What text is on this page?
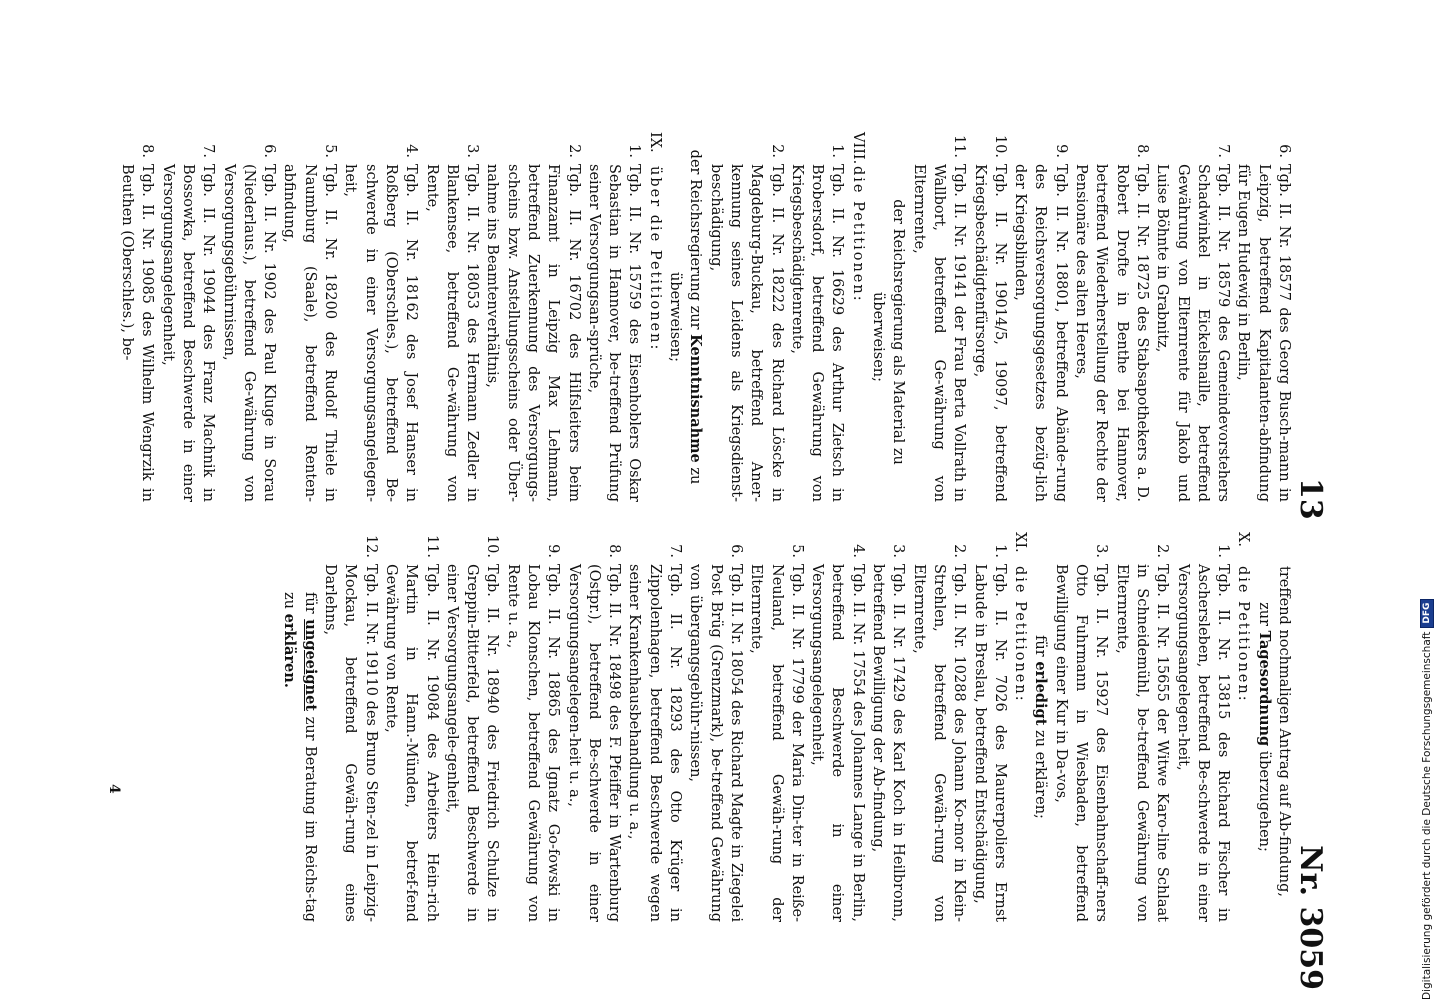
13
Nr. 3059
6.
Tgb. II. Nr. 18577 des Georg Busch-mann in Leipzig, betreffend Kapitalanten-abfindung für Eugen Hudewig in Berlin,
7.
Tgb. II. Nr. 18579 des Gemeindevorstehers Schadwinkel in Eickelsnaille, betreffend Gewährung von Elternrente für Jakob und Luise Böhnte in Grabnitz,
8.
Tgb. II. Nr. 18725 des Stabsapothekers a. D. Robert Drofte in Benthe bei Hannover, betreffend Wiederherstellung der Rechte der Pensionäre des alten Heeres,
9.
Tgb. II. Nr. 18801, betreffend Abände-rung des Reichsversorgungsgesetzes bezüg-lich der Kriegsblinden,
10.
Tgb. II. Nr. 19014/5, 19097, betreffend Kriegsbeschädigtenfürsorge,
11.
Tgb. II. Nr. 19141 der Frau Berta Vollrath in Wallbort, betreffend Ge-währung von Elternrente,

der Reichsregierung als Material zu überweisen;

VIII.
die Petitionen:
1.
Tgb. II. Nr. 16629 des Arthur Zietsch in Brobersdorf, betreffend Gewährung von Kriegsbeschädigtenrente,
2.
Tgb. II. Nr. 18222 des Richard Löscke in Magdeburg-Buckau, betreffend Aner-kennung seines Leidens als Kriegsdienst-beschädigung,

der Reichsregierung zur Kenntnisnahme zu überweisen;

IX.
über die Petitionen:
1.
Tgb. II. Nr. 15759 des Eisenhoblers Oskar Sebastian in Hannover, be-treffend Prüfung seiner Versorgungsan-sprüche,
2.
Tgb. II. Nr. 16702 des Hilfsleiters beim Finanzamt in Leipzig Max Lehmann, betreffend Zuerkennung des Versorgungs-scheins bzw. Anstellungsscheins oder Über-nahme ins Beamtenverhältnis,
3.
Tgb. II. Nr. 18053 des Hermann Zedler in Blankensee, betreffend Ge-währung von Rente,
4.
Tgb. II. Nr. 18162 des Josef Hanser in Roßberg (Oberschles.), betreffend Be-schwerde in einer Versorgungsangelegen-heit,
5.
Tgb. II. Nr. 18200 des Rudolf Thiele in Naumburg (Saale), betreffend Renten-abfindung,
6.
Tgb. II. Nr. 1902 des Paul Kluge in Sorau (Niederlaus.), betreffend Ge-währung von Versorgungsgebührnissen,
7.
Tgb. II. Nr. 19044 des Franz Machnik in Bossowka, betreffend Beschwerde in einer Versorgungsangelegenheit,
8.
Tgb. II. Nr. 19085 des Wilhelm Wengrzik in Beuthen (Oberschles.), be-

treffend nochmaligen Antrag auf Ab-findung,

zur Tagesordnung überzugehen;

X.
die Petitionen:
1.
Tgb. II. Nr. 13815 des Richard Fischer in Aschersleben, betreffend Be-schwerde in einer Versorgungsangelegen-heit,
2.
Tgb. II. Nr. 15655 der Witwe Karo-line Schlaat in Schneidemühl, be-treffend Gewährung von Elternrente,
3.
Tgb. II. Nr. 15927 des Eisenbahnschaff-ners Otto Fuhrmann in Wiesbaden, betreffend Bewilligung einer Kur in Da-vos,

für erledigt zu erklären;

XI.
die Petitionen:
1.
Tgb. II. Nr. 7026 des Maurerpoliers Ernst Labude in Breslau, betreffend Entschädigung,
2.
Tgb. II. Nr. 10288 des Johann Ko-mor in Klein-Strehlen, betreffend Gewäh-rung von Elternrente,
3.
Tgb. II. Nr. 17429 des Karl Koch in Heilbronn, betreffend Bewilligung der Ab-findung,
4.
Tgb. II. Nr. 17554 des Johannes Lange in Berlin, betreffend Beschwerde in einer Versorgungsangelegenheit,
5.
Tgb. II. Nr. 17799 der Maria Din-ter in Reiße-Neuland, betreffend Gewäh-rung der Elternrente,
6.
Tgb. II. Nr. 18054 des Richard Magte in Ziegelei Post Brüg (Grenzmark), be-treffend Gewährung von übergangsgebühr-nissen,
7.
Tgb. II. Nr. 18293 des Otto Krüger in Zippolenhagen, betreffend Beschwerde wegen seiner Krankenhausbehandlung u. a.,
8.
Tgb. II. Nr. 18498 des F. Pfeiffer in Wartenburg (Ostpr.), betreffend Be-schwerde in einer Versorgungsangelegen-heit u. a.,
9.
Tgb. II. Nr. 18865 des Ignatz Go-fowski in Lobau Klonschen, betreffend Gewährung von Rente u. a.,
10.
Tgb. II. Nr. 18940 des Friedrich Schulze in Greppin-Bitterfeld, betreffend Beschwerde in einer Versorgungsangele-genheit,
11.
Tgb. II. Nr. 19084 des Arbeiters Hein-rich Martin in Hann.-Münden, betref-fend Gewährung von Rente,
12.
Tgb. II. Nr. 19110 des Bruno Sten-zel in Leipzig-Mockau, betreffend Gewäh-rung eines Darlehns,

für ungeeignet zur Beratung im Reichs-tag zu erklären.

4	Digitalisierung gefördert durch die Deutsche Forschungsgemeinschaft
DFG
